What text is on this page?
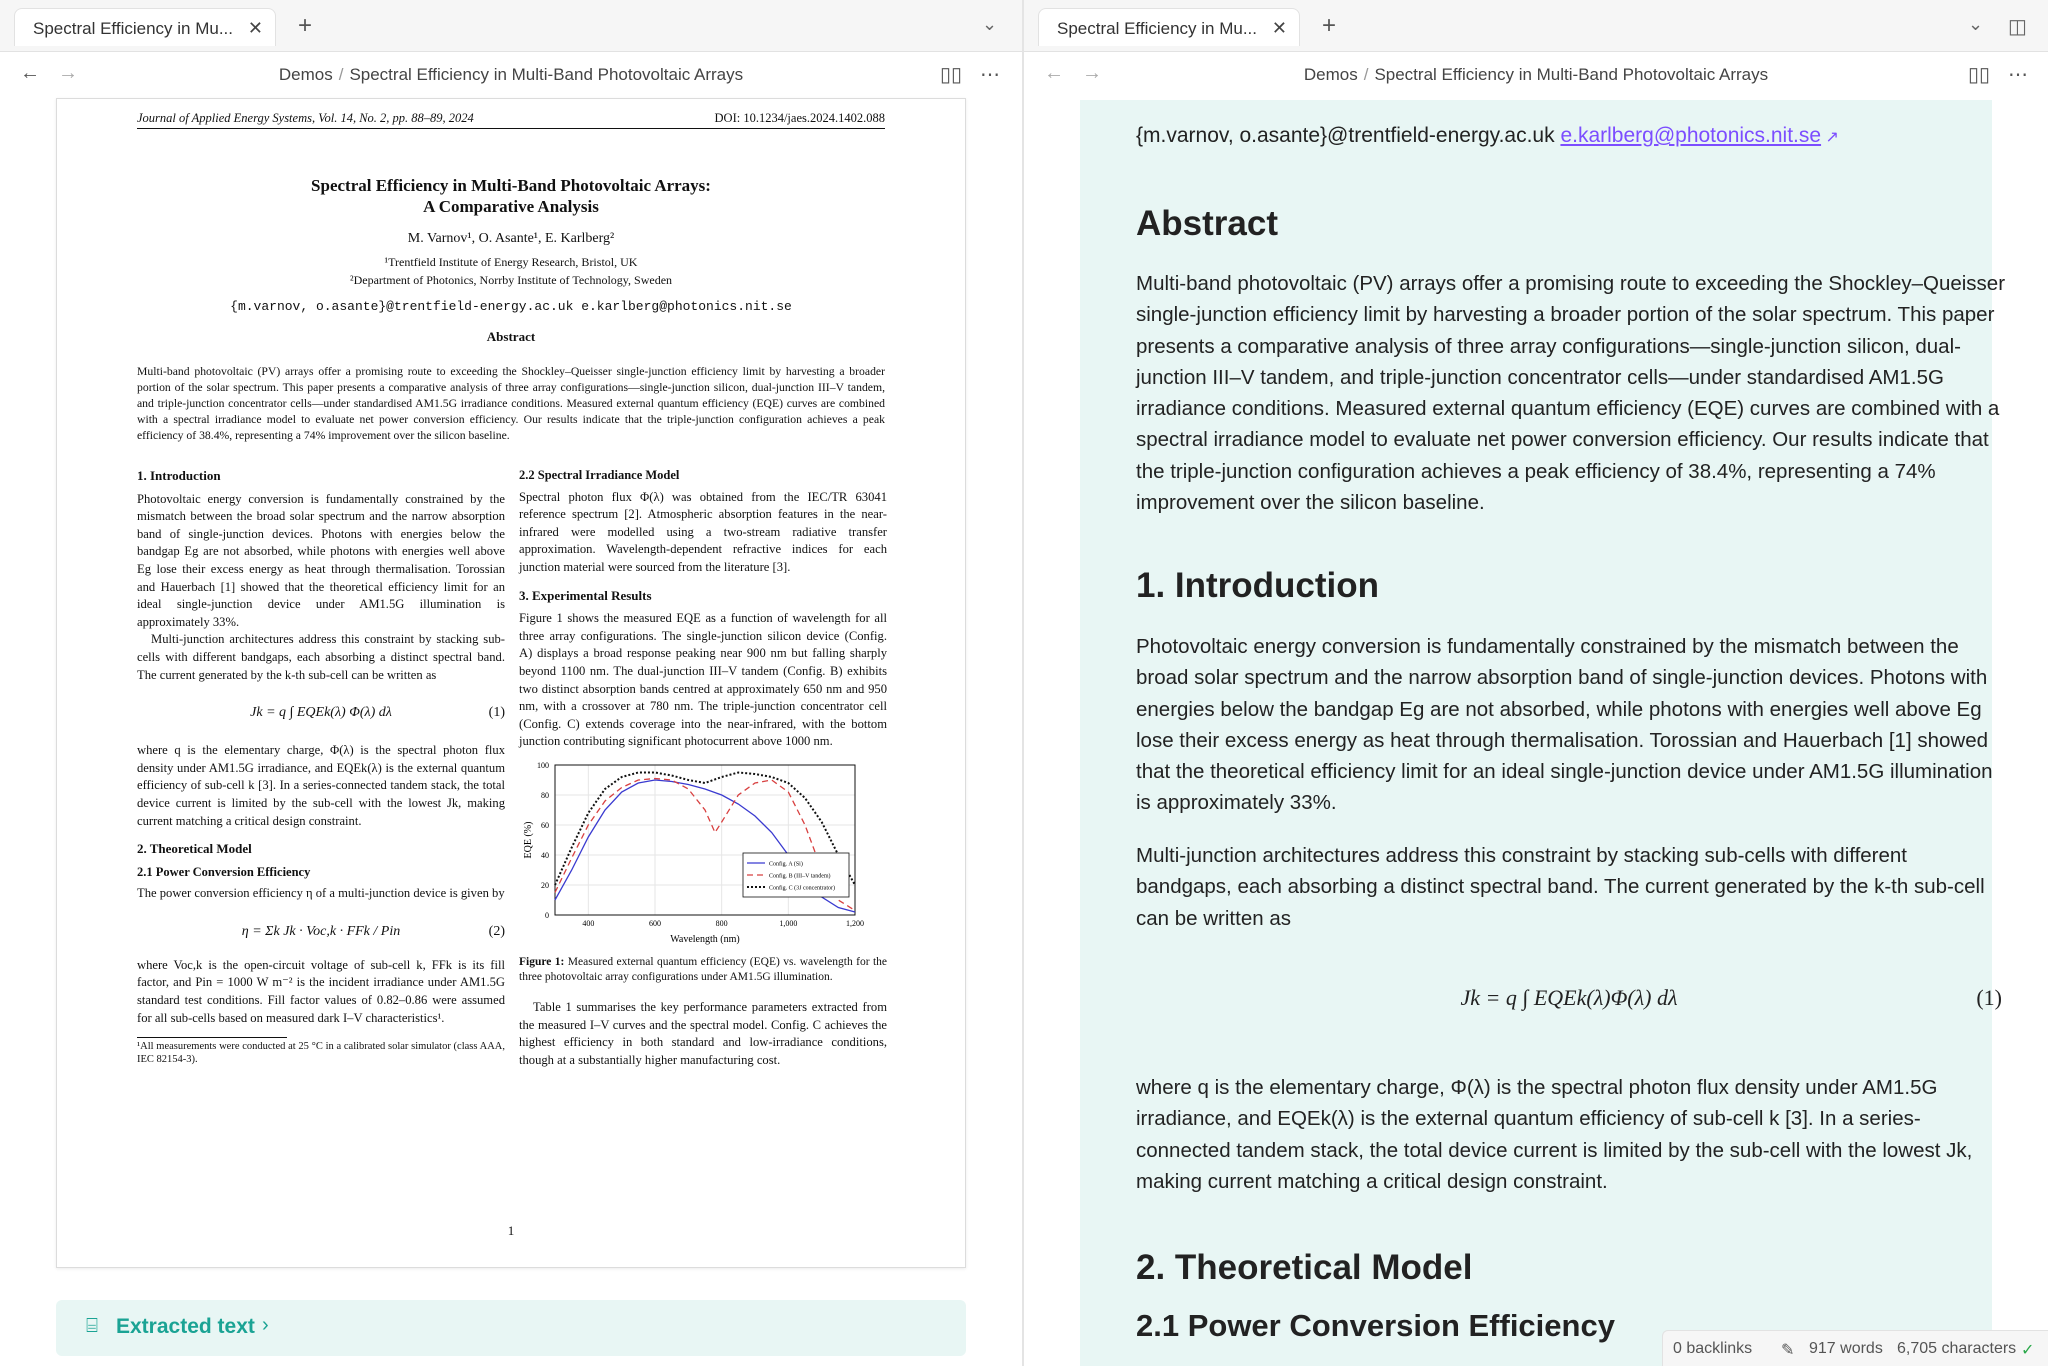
Spectral Efficiency in Mu... ✕ +	⌄
← →	Demos / Spectral Efficiency in Multi-Band Photovoltaic Arrays	▯▯ ⋯
Journal of Applied Energy Systems, Vol. 14, No. 2, pp. 88–89, 2024	DOI: 10.1234/jaes.2024.1402.088
Spectral Efficiency in Multi-Band Photovoltaic Arrays:
A Comparative Analysis
M. Varnov¹, O. Asante¹, E. Karlberg²
¹Trentfield Institute of Energy Research, Bristol, UK
²Department of Photonics, Norrby Institute of Technology, Sweden
{m.varnov, o.asante}@trentfield-energy.ac.uk e.karlberg@photonics.nit.se
Abstract
Multi-band photovoltaic (PV) arrays offer a promising route to exceeding the Shockley–Queisser single-junction efficiency limit by harvesting a broader portion of the solar spectrum. This paper presents a comparative analysis of three array configurations—single-junction silicon, dual-junction III–V tandem, and triple-junction concentrator cells—under standardised AM1.5G irradiance conditions. Measured external quantum efficiency (EQE) curves are combined with a spectral irradiance model to evaluate net power conversion efficiency. Our results indicate that the triple-junction configuration achieves a peak efficiency of 38.4%, representing a 74% improvement over the silicon baseline.
1. Introduction

Photovoltaic energy conversion is fundamentally constrained by the mismatch between the broad solar spectrum and the narrow absorption band of single-junction devices. Photons with energies below the bandgap Eg are not absorbed, while photons with energies well above Eg lose their excess energy as heat through thermalisation. Torossian and Hauerbach [1] showed that the theoretical efficiency limit for an ideal single-junction device under AM1.5G illumination is approximately 33%.

Multi-junction architectures address this constraint by stacking sub-cells with different bandgaps, each absorbing a distinct spectral band. The current generated by the k-th sub-cell can be written as

Jk = q ∫ EQEk(λ) Φ(λ) dλ	(1)

where q is the elementary charge, Φ(λ) is the spectral photon flux density under AM1.5G irradiance, and EQEk(λ) is the external quantum efficiency of sub-cell k [3]. In a series-connected tandem stack, the total device current is limited by the sub-cell with the lowest Jk, making current matching a critical design constraint.

2. Theoretical Model
2.1 Power Conversion Efficiency

The power conversion efficiency η of a multi-junction device is given by

η = Σk Jk · Voc,k · FFk / Pin	(2)

where Voc,k is the open-circuit voltage of sub-cell k, FFk is its fill factor, and Pin = 1000 W m⁻² is the incident irradiance under AM1.5G standard test conditions. Fill factor values of 0.82–0.86 were assumed for all sub-cells based on measured dark I–V characteristics¹.

¹All measurements were conducted at 25 °C in a calibrated solar simulator (class AAA, IEC 82154-3).
2.2 Spectral Irradiance Model

Spectral photon flux Φ(λ) was obtained from the IEC/TR 63041 reference spectrum [2]. Atmospheric absorption features in the near-infrared were modelled using a two-stream radiative transfer approximation. Wavelength-dependent refractive indices for each junction material were sourced from the literature [3].

3. Experimental Results

Figure 1 shows the measured EQE as a function of wavelength for all three array configurations. The single-junction silicon device (Config. A) displays a broad response peaking near 900 nm but falling sharply beyond 1100 nm. The dual-junction III–V tandem (Config. B) exhibits two distinct absorption bands centred at approximately 650 nm and 950 nm, with a crossover at 780 nm. The triple-junction concentrator cell (Config. C) extends coverage into the near-infrared, with the bottom junction contributing significant photocurrent above 1000 nm.

0
20
40
60
80
100
400	600	800	1,000	1,200
Wavelength (nm)
EQE (%)
Config. A (Si)
Config. B (III–V tandem)
Config. C (3J concentrator)

Figure 1: Measured external quantum efficiency (EQE) vs. wavelength for the three photovoltaic array configurations under AM1.5G illumination.

Table 1 summarises the key performance parameters extracted from the measured I–V curves and the spectral model. Config. C achieves the highest efficiency in both standard and low-irradiance conditions, though at a substantially higher manufacturing cost.

1
⌸ Extracted text ›
Spectral Efficiency in Mu... ✕ +	⌄ ◫
← →	Demos / Spectral Efficiency in Multi-Band Photovoltaic Arrays	▯▯ ⋯
{m.varnov, o.asante}@trentfield-energy.ac.uk e.karlberg@photonics.nit.se ↗
Abstract
Multi-band photovoltaic (PV) arrays offer a promising route to exceeding the Shockley–Queisser single-junction efficiency limit by harvesting a broader portion of the solar spectrum. This paper presents a comparative analysis of three array configurations—single-junction silicon, dual-junction III–V tandem, and triple-junction concentrator cells—under standardised AM1.5G irradiance conditions. Measured external quantum efficiency (EQE) curves are combined with a spectral irradiance model to evaluate net power conversion efficiency. Our results indicate that the triple-junction configuration achieves a peak efficiency of 38.4%, representing a 74% improvement over the silicon baseline.
1. Introduction
Photovoltaic energy conversion is fundamentally constrained by the mismatch between the broad solar spectrum and the narrow absorption band of single-junction devices. Photons with energies below the bandgap Eg are not absorbed, while photons with energies well above Eg lose their excess energy as heat through thermalisation. Torossian and Hauerbach [1] showed that the theoretical efficiency limit for an ideal single-junction device under AM1.5G illumination is approximately 33%.
Multi-junction architectures address this constraint by stacking sub-cells with different bandgaps, each absorbing a distinct spectral band. The current generated by the k-th sub-cell can be written as
Jk = q ∫ EQEk(λ)Φ(λ) dλ	(1)
where q is the elementary charge, Φ(λ) is the spectral photon flux density under AM1.5G irradiance, and EQEk(λ) is the external quantum efficiency of sub-cell k [3]. In a series-connected tandem stack, the total device current is limited by the sub-cell with the lowest Jk, making current matching a critical design constraint.
2. Theoretical Model
2.1 Power Conversion Efficiency
0 backlinks ✎ 917 words 6,705 characters ✓
